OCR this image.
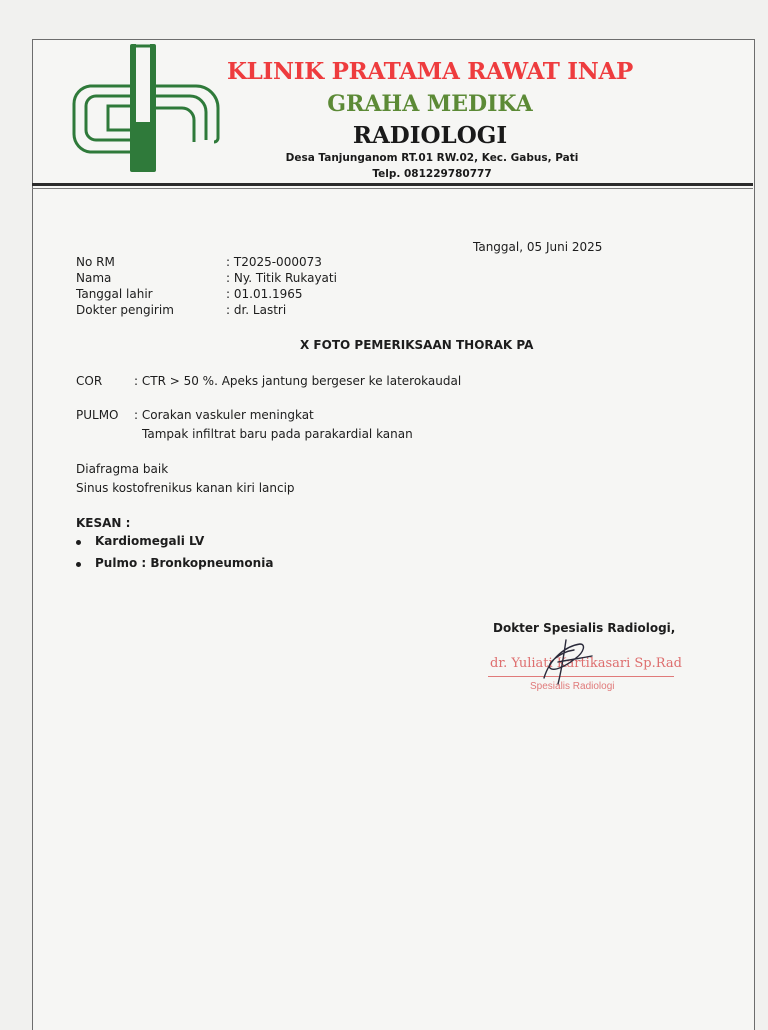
KLINIK PRATAMA RAWAT INAP
GRAHA MEDIKA
RADIOLOGI
Desa Tanjunganom RT.01 RW.02, Kec. Gabus, Pati
Telp. 081229780777
Tanggal, 05 Juni 2025
No RM	: T2025-000073
Nama	: Ny. Titik Rukayati
Tanggal lahir	: 01.01.1965
Dokter pengirim	: dr. Lastri
X FOTO PEMERIKSAAN THORAK PA
COR	: CTR > 50 %. Apeks jantung bergeser ke laterokaudal
PULMO : Corakan vaskuler meningkat
Tampak infiltrat baru pada parakardial kanan
Diafragma baik
Sinus kostofrenikus kanan kiri lancip
KESAN :
Kardiomegali LV
Pulmo : Bronkopneumonia
Dokter Spesialis Radiologi,
dr. Yuliati Kartikasari Sp.Rad
Spesialis Radiologi
